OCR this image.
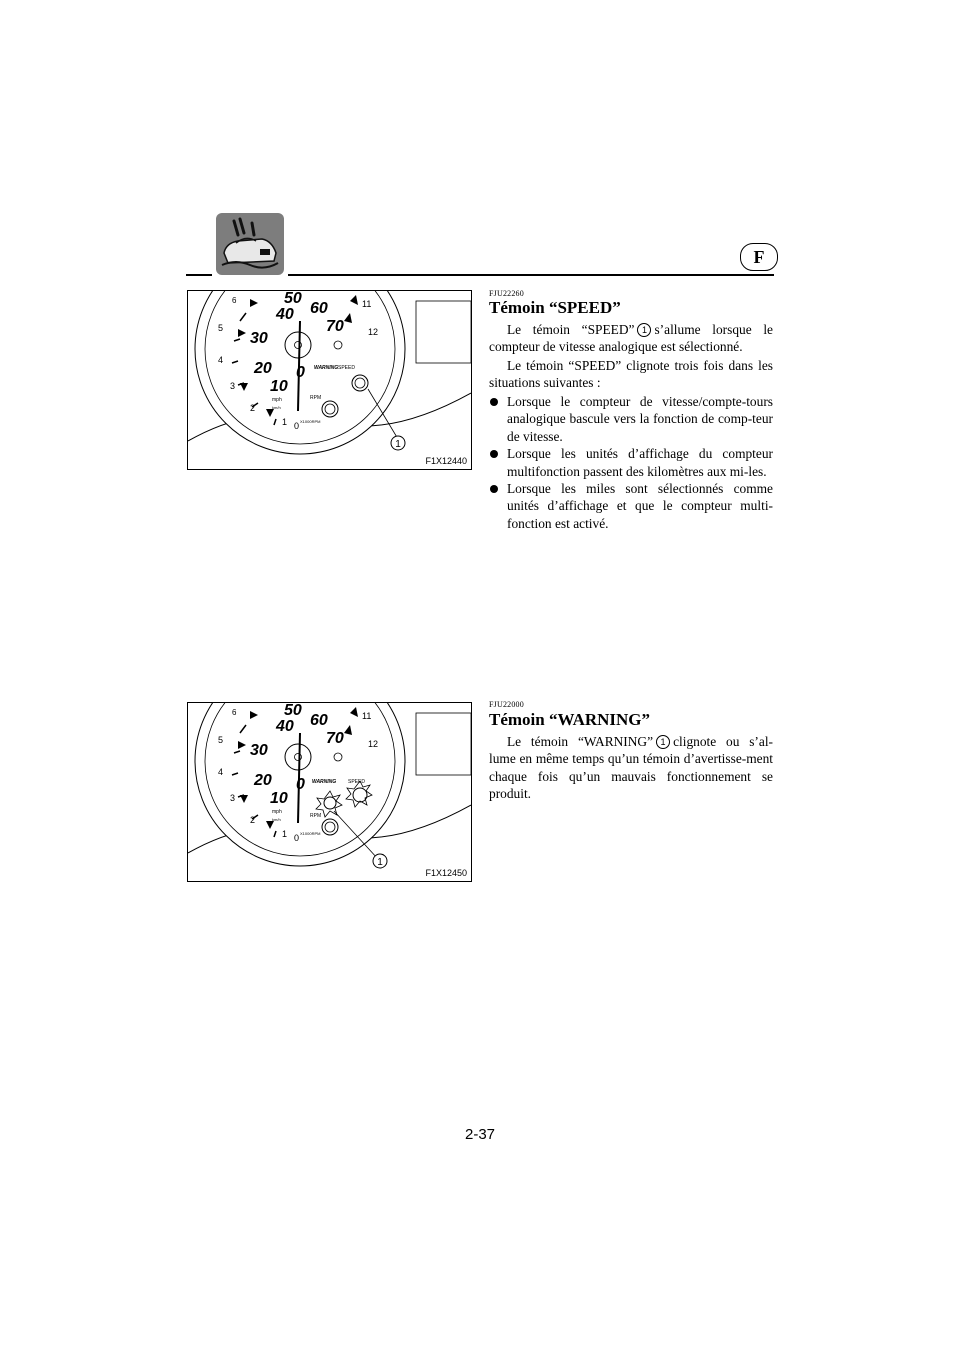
F
1
40
50
60
70
30
20
10
0 WARNING SPEED
RPM
mph
km/h
X1000RPM
1
2
3
4
5
6	11
12
0
F1X12440
FJU22260
Témoin “SPEED”

Le témoin “SPEED” 1 s’allume lorsque le compteur de vitesse analogique est sélectionné.

Le témoin “SPEED” clignote trois fois dans les situations suivantes :

Lorsque le compteur de vitesse/compte-tours analogique bascule vers la fonction de comp-teur de vitesse.
Lorsque les unités d’affichage du compteur multifonction passent des kilomètres aux mi-les.
Lorsque les miles sont sélectionnés comme unités d’affichage et que le compteur multi-fonction est activé.
1
40
50
60
70
30
20
10
0 WARNING SPEED
RPM
mph
km/h
X1000RPM
1
2
3
4
5
6	11
12
0
F1X12450
FJU22000
Témoin “WARNING”

Le témoin “WARNING” 1 clignote ou s’al-lume en même temps qu’un témoin d’avertisse-ment chaque fois qu’un mauvais fonctionnement se produit.

2-37
